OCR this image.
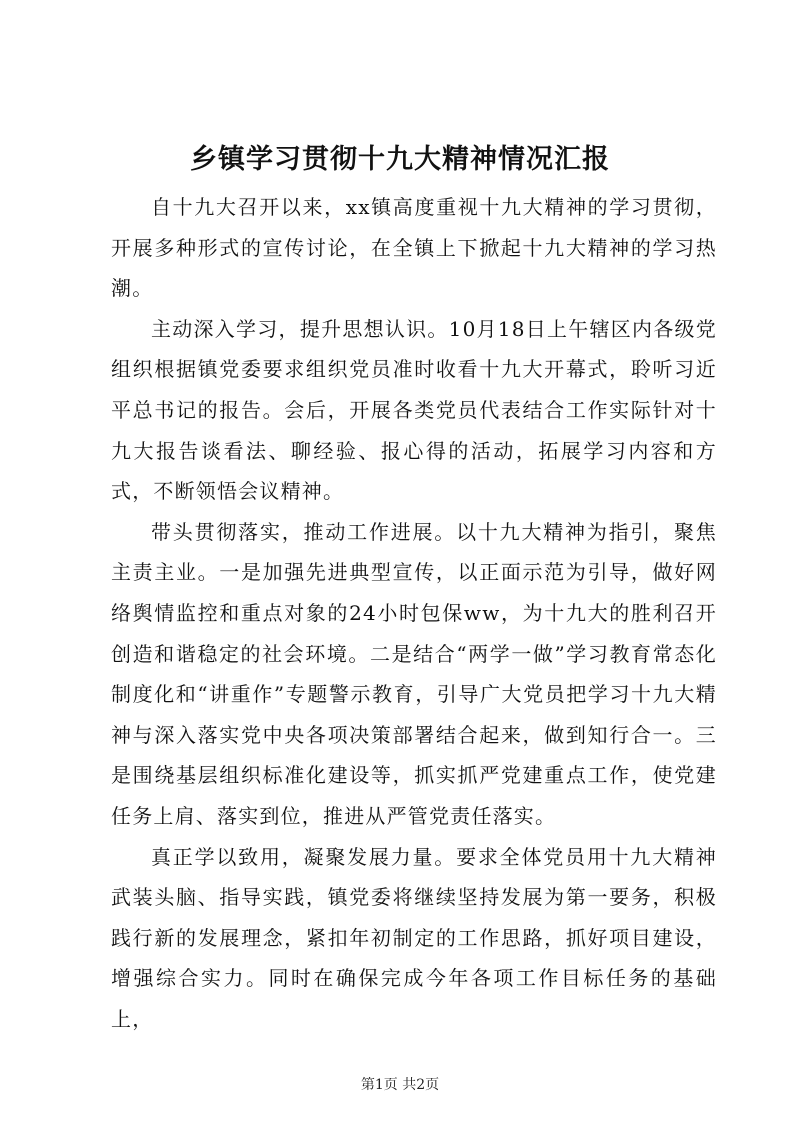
乡镇学习贯彻十九大精神情况汇报

自十九大召开以来，xx镇高度重视十九大精神的学习贯彻，开展多种形式的宣传讨论，在全镇上下掀起十九大精神的学习热潮。

主动深入学习，提升思想认识。10月18日上午辖区内各级党组织根据镇党委要求组织党员准时收看十九大开幕式，聆听习近平总书记的报告。会后，开展各类党员代表结合工作实际针对十九大报告谈看法、聊经验、报心得的活动，拓展学习内容和方式，不断领悟会议精神。

带头贯彻落实，推动工作进展。以十九大精神为指引，聚焦主责主业。一是加强先进典型宣传，以正面示范为引导，做好网络舆情监控和重点对象的24小时包保ww，为十九大的胜利召开创造和谐稳定的社会环境。二是结合“两学一做”学习教育常态化制度化和“讲重作”专题警示教育，引导广大党员把学习十九大精神与深入落实党中央各项决策部署结合起来，做到知行合一。三是围绕基层组织标准化建设等，抓实抓严党建重点工作，使党建任务上肩、落实到位，推进从严管党责任落实。

真正学以致用，凝聚发展力量。要求全体党员用十九大精神武装头脑、指导实践，镇党委将继续坚持发展为第一要务，积极践行新的发展理念，紧扣年初制定的工作思路，抓好项目建设，增强综合实力。同时在确保完成今年各项工作目标任务的基础上，

第1页 共2页
